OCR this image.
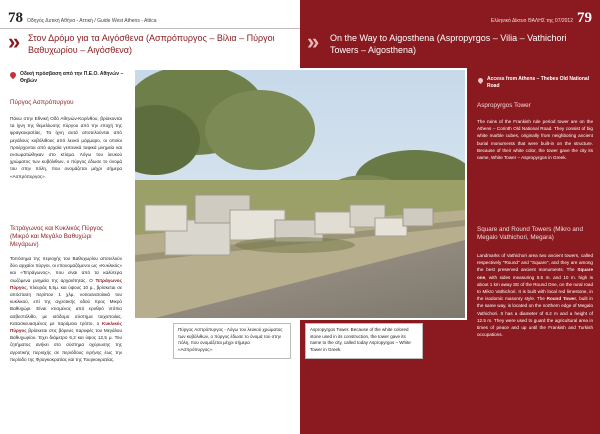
78 Οδηγός Δυτική Αθήνα - Αττική / Guide West Athens - Attica	Ελληνικό Δίκτυο ΘΑΛΗΣ της 07/2012 79
» Στον Δρόμο για τα Αιγόσθενα (Ασπρόπυργος – Βίλια – Πύργοι Βαθυχωρίου – Αιγόσθενα)	» On the Way to Aigosthena (Aspropyrgos – Vilia – Vathichori Towers – Aigosthena)
Οδική πρόσβαση από την Π.Ε.Ο. Αθηνών – Θηβών
Πύργος Ασπρόπυργου

Πάνω στην Εθνική Οδό Αθηνών-Κορίνθου, βρίσκονται τα ίχνη της θεμελίωσης πύργου από την εποχή της φραγκοκρατίας. Τα ίχνη αυτά αποτελούνται από μεγάλους κυβόλιθους από λευκό μάρμαρο, οι οποίοι προέρχονται από αρχαία γειτονικά ταφικά μνημεία και ενσωματώθηκαν στο κτίσμα. Λόγω του λευκού χρώματος των κυβόλιθων, ο πύργος έδωσε το όνομά του στην πόλη, που ονομάζεται μέχρι σήμερα «Ασπρόπυργος».

Τετράγωνος και Κυκλικός Πύργος (Μικρό και Μεγάλο Βαθυχώρι Μεγάρων)

Τοπόσημα της περιοχής του Βαθυχωρίου αποτελούν δύο αρχαίοι πύργοι, οι επονομαζόμενοι ως «Κυκλικός» και «Τετράγωνος», που είναι από τα καλύτερα σωζόμενα μνημεία της αρχαιότητας. Ο Τετράγωνος Πύργος, πλευράς 5,5μ. και ύψους 10 μ., βρίσκεται σε απόσταση περίπου 1 χλμ. νοτιοανατολικά του κυκλικού, επί της αγροτικής οδού προς Μικρό Βαθυχώρι. Είναι κτισμένος από ερυθρό ντόπιο ασβεστόλιθο, με ισόδομο σύστημα τοιχοποιίας. Κατασκευασμένος με παρόμοιο τρόπο, ο Κυκλικός Πύργος βρίσκεται στις βόρειες παρυφές του Μεγάλου Βαθυχωρίου. Έχει διάμετρο 6,2 και ύψος 12,5 μ. Του ζητήματος ανήκει στο σύστημα οχύρωσης της αγροτικής περιοχής σε περιόδους ειρήνης έως την περίοδο της Φραγκοκρατίας και της Τουρκοκρατίας.

Πύργος Ασπρόπυργος - Λόγω του λευκού χρώματος των κυβόλιθων, ο πύργος έδωσε το όνομά του στην πόλη, που ονομάζεται μέχρι σήμερα «Ασπρόπυργος».

Aspropyrgos Tower. Because of the white colored stone used in its construction, the tower gave its name to the city, called today Aspropyrgos – White Tower in Greek.

Access from Athens – Thebes Old National Road
Aspropyrgos Tower

The ruins of the Frankish rule period tower are on the Athens – Corinth Old National Road. They consist of big white marble cubes, originally from neighboring ancient burial monuments that were built-in on the structure. Because of their white color, the tower gave the city its name, White Tower – Aspropyrgos in Greek.

Square and Round Towers (Mikro and Megalo Vathichori, Megara)

Landmarks of Vathichori area two ancient towers, called respectively "Round" and "Square", and they are among the best preserved ancient monuments. The Square one, with sides measuring 5.5 m. and 10 m. high is about 1 km away SE of the Round One, on the rural road to Mikro Vathichori. It is built with local red limestone, in the isodomic masonry style. The Round Tower, built in the same way, is located on the northern edge of Megalo Vathichori. It has a diameter of 6.2 m and a height of 12.5 m. They were used to guard the agricultural area in times of peace and up until the Frankish and Turkish occupations.
